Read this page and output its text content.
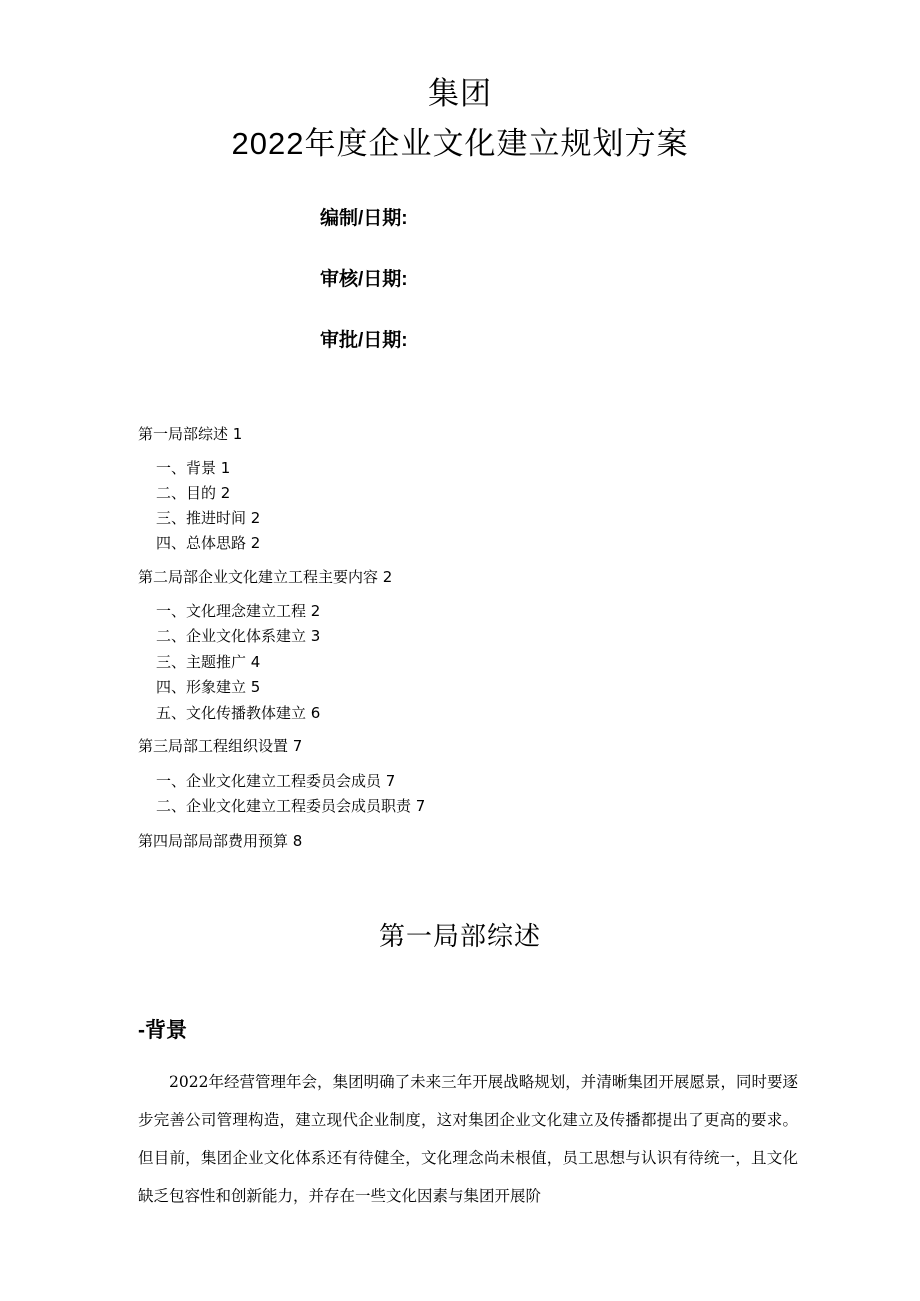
集团
2022年度企业文化建立规划方案
编制/日期:
审核/日期:
审批/日期:
第一局部综述 1
一、背景 1
二、目的 2
三、推进时间 2
四、总体思路 2
第二局部企业文化建立工程主要内容 2
一、文化理念建立工程 2
二、企业文化体系建立 3
三、主题推广 4
四、形象建立 5
五、文化传播教体建立 6
第三局部工程组织设置 7
一、企业文化建立工程委员会成员 7
二、企业文化建立工程委员会成员职责 7
第四局部局部费用预算 8
第一局部综述
-背景

2022年经营管理年会，集团明确了未来三年开展战略规划，并清晰集团开展愿景，同时要逐步完善公司管理构造，建立现代企业制度，这对集团企业文化建立及传播都提出了更高的要求。但目前，集团企业文化体系还有待健全，文化理念尚未根值，员工思想与认识有待统一，且文化缺乏包容性和创新能力，并存在一些文化因素与集团开展阶
